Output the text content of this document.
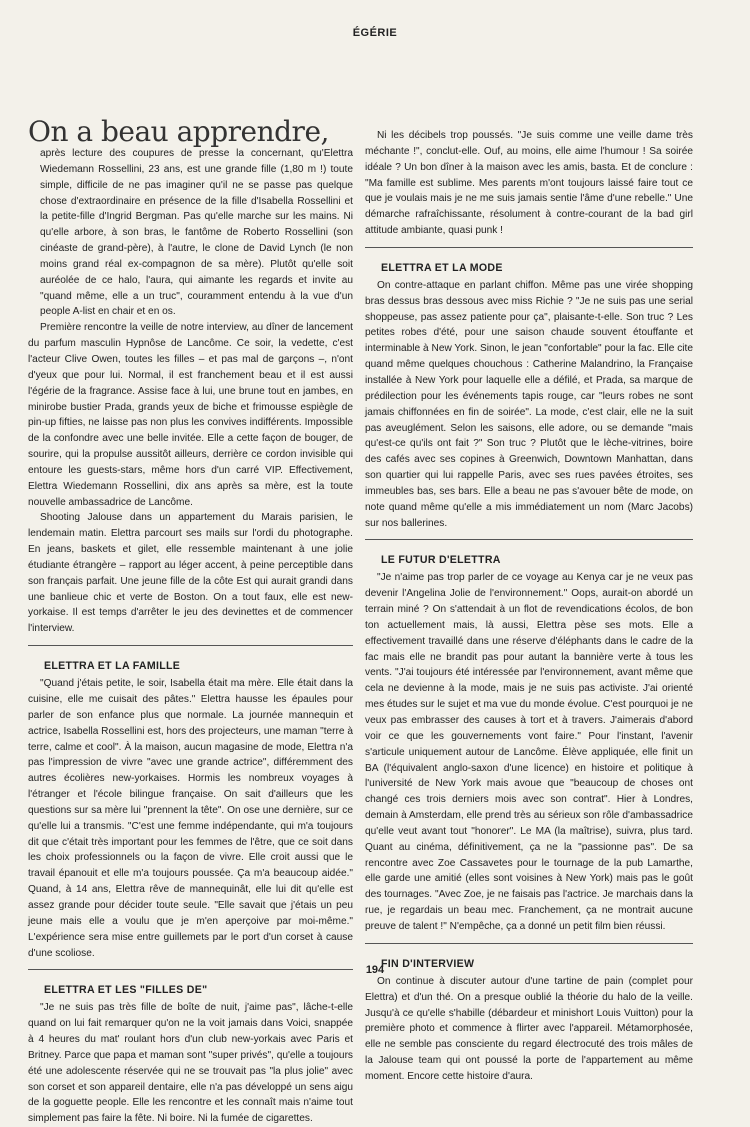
ÉGÉRIE
On a beau apprendre,

après lecture des coupures de presse la concernant, qu'Elettra Wiedemann Rossellini, 23 ans, est une grande fille (1,80 m !) toute simple, difficile de ne pas imaginer qu'il ne se passe pas quelque chose d'extraordinaire en présence de la fille d'Isabella Rossellini et la petite-fille d'Ingrid Bergman. Pas qu'elle marche sur les mains. Ni qu'elle arbore, à son bras, le fantôme de Roberto Rossellini (son cinéaste de grand-père), à l'autre, le clone de David Lynch (le non moins grand réal ex-compagnon de sa mère). Plutôt qu'elle soit auréolée de ce halo, l'aura, qui aimante les regards et invite au "quand même, elle a un truc", couramment entendu à la vue d'un people A-list en chair et en os.

Première rencontre la veille de notre interview, au dîner de lancement du parfum masculin Hypnôse de Lancôme. Ce soir, la vedette, c'est l'acteur Clive Owen, toutes les filles – et pas mal de garçons –, n'ont d'yeux que pour lui. Normal, il est franchement beau et il est aussi l'égérie de la fragrance. Assise face à lui, une brune tout en jambes, en minirobe bustier Prada, grands yeux de biche et frimousse espiègle de pin-up fifties, ne laisse pas non plus les convives indifférents. Impossible de la confondre avec une belle invitée. Elle a cette façon de bouger, de sourire, qui la propulse aussitôt ailleurs, derrière ce cordon invisible qui entoure les guests-stars, même hors d'un carré VIP. Effectivement, Elettra Wiedemann Rossellini, dix ans après sa mère, est la toute nouvelle ambassadrice de Lancôme.

Shooting Jalouse dans un appartement du Marais parisien, le lendemain matin. Elettra parcourt ses mails sur l'ordi du photographe. En jeans, baskets et gilet, elle ressemble maintenant à une jolie étudiante étrangère – rapport au léger accent, à peine perceptible dans son français parfait. Une jeune fille de la côte Est qui aurait grandi dans une banlieue chic et verte de Boston. On a tout faux, elle est new-yorkaise. Il est temps d'arrêter le jeu des devinettes et de commencer l'interview.

ELETTRA ET LA FAMILLE

"Quand j'étais petite, le soir, Isabella était ma mère. Elle était dans la cuisine, elle me cuisait des pâtes." Elettra hausse les épaules pour parler de son enfance plus que normale. La journée mannequin et actrice, Isabella Rossellini est, hors des projecteurs, une maman "terre à terre, calme et cool". À la maison, aucun magasine de mode, Elettra n'a pas l'impression de vivre "avec une grande actrice", différemment des autres écolières new-yorkaises. Hormis les nombreux voyages à l'étranger et l'école bilingue française. On sait d'ailleurs que les questions sur sa mère lui "prennent la tête". On ose une dernière, sur ce qu'elle lui a transmis. "C'est une femme indépendante, qui m'a toujours dit que c'était très important pour les femmes de l'être, que ce soit dans les choix professionnels ou la façon de vivre. Elle croit aussi que le travail épanouit et elle m'a toujours poussée. Ça m'a beaucoup aidée." Quand, à 14 ans, Elettra rêve de mannequinât, elle lui dit qu'elle est assez grande pour décider toute seule. "Elle savait que j'étais un peu jeune mais elle a voulu que je m'en aperçoive par moi-même." L'expérience sera mise entre guillemets par le port d'un corset à cause d'une scoliose.

ELETTRA ET LES "FILLES DE"

"Je ne suis pas très fille de boîte de nuit, j'aime pas", lâche-t-elle quand on lui fait remarquer qu'on ne la voit jamais dans Voici, snappée à 4 heures du mat' roulant hors d'un club new-yorkais avec Paris et Britney. Parce que papa et maman sont "super privés", qu'elle a toujours été une adolescente réservée qui ne se trouvait pas "la plus jolie" avec son corset et son appareil dentaire, elle n'a pas développé un sens aigu de la goguette people. Elle les rencontre et les connaît mais n'aime tout simplement pas faire la fête. Ni boire. Ni la fumée de cigarettes.

Ni les décibels trop poussés. "Je suis comme une veille dame très méchante !", conclut-elle. Ouf, au moins, elle aime l'humour ! Sa soirée idéale ? Un bon dîner à la maison avec les amis, basta. Et de conclure : "Ma famille est sublime. Mes parents m'ont toujours laissé faire tout ce que je voulais mais je ne me suis jamais sentie l'âme d'une rebelle." Une démarche rafraîchissante, résolument à contre-courant de la bad girl attitude ambiante, quasi punk !

ELETTRA ET LA MODE

On contre-attaque en parlant chiffon. Même pas une virée shopping bras dessus bras dessous avec miss Richie ? "Je ne suis pas une serial shoppeuse, pas assez patiente pour ça", plaisante-t-elle. Son truc ? Les petites robes d'été, pour une saison chaude souvent étouffante et interminable à New York. Sinon, le jean "confortable" pour la fac. Elle cite quand même quelques chouchous : Catherine Malandrino, la Française installée à New York pour laquelle elle a défilé, et Prada, sa marque de prédilection pour les événements tapis rouge, car "leurs robes ne sont jamais chiffonnées en fin de soirée". La mode, c'est clair, elle ne la suit pas aveuglément. Selon les saisons, elle adore, ou se demande "mais qu'est-ce qu'ils ont fait ?" Son truc ? Plutôt que le lèche-vitrines, boire des cafés avec ses copines à Greenwich, Downtown Manhattan, dans son quartier qui lui rappelle Paris, avec ses rues pavées étroites, ses immeubles bas, ses bars. Elle a beau ne pas s'avouer bête de mode, on note quand même qu'elle a mis immédiatement un nom (Marc Jacobs) sur nos ballerines.

LE FUTUR D'ELETTRA

"Je n'aime pas trop parler de ce voyage au Kenya car je ne veux pas devenir l'Angelina Jolie de l'environnement." Oops, aurait-on abordé un terrain miné ? On s'attendait à un flot de revendications écolos, de bon ton actuellement mais, là aussi, Elettra pèse ses mots. Elle a effectivement travaillé dans une réserve d'éléphants dans le cadre de la fac mais elle ne brandit pas pour autant la bannière verte à tous les vents. "J'ai toujours été intéressée par l'environnement, avant même que cela ne devienne à la mode, mais je ne suis pas activiste. J'ai orienté mes études sur le sujet et ma vue du monde évolue. C'est pourquoi je ne veux pas embrasser des causes à tort et à travers. J'aimerais d'abord voir ce que les gouvernements vont faire." Pour l'instant, l'avenir s'articule uniquement autour de Lancôme. Élève appliquée, elle finit un BA (l'équivalent anglo-saxon d'une licence) en histoire et politique à l'université de New York mais avoue que "beaucoup de choses ont changé ces trois derniers mois avec son contrat". Hier à Londres, demain à Amsterdam, elle prend très au sérieux son rôle d'ambassadrice qu'elle veut avant tout "honorer". Le MA (la maîtrise), suivra, plus tard. Quant au cinéma, définitivement, ça ne la "passionne pas". De sa rencontre avec Zoe Cassavetes pour le tournage de la pub Lamarthe, elle garde une amitié (elles sont voisines à New York) mais pas le goût des tournages. "Avec Zoe, je ne faisais pas l'actrice. Je marchais dans la rue, je regardais un beau mec. Franchement, ça ne montrait aucune preuve de talent !" N'empêche, ça a donné un petit film bien réussi.

FIN D'INTERVIEW

On continue à discuter autour d'une tartine de pain (complet pour Elettra) et d'un thé. On a presque oublié la théorie du halo de la veille. Jusqu'à ce qu'elle s'habille (débardeur et minishort Louis Vuitton) pour la première photo et commence à flirter avec l'appareil. Métamorphosée, elle ne semble pas consciente du regard électrocuté des trois mâles de la Jalouse team qui ont poussé la porte de l'appartement au même moment. Encore cette histoire d'aura.

194
